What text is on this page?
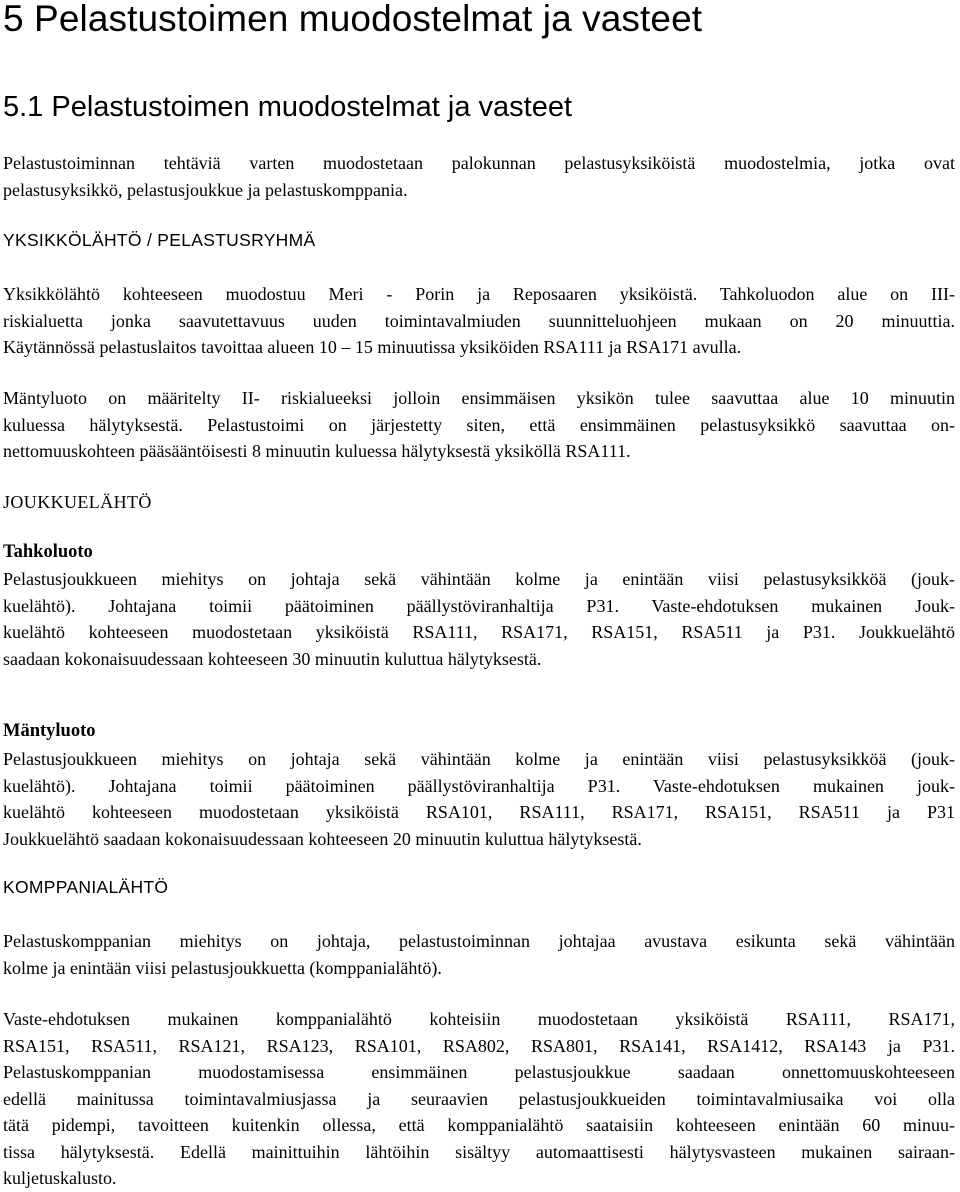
5 Pelastustoimen muodostelmat ja vasteet
5.1 Pelastustoimen muodostelmat ja vasteet
Pelastustoiminnan tehtäviä varten muodostetaan palokunnan pelastusyksiköistä muodostelmia, jotka ovat
pelastusyksikkö, pelastusjoukkue ja pelastuskomppania.
YKSIKKÖLÄHTÖ / PELASTUSRYHMÄ
Yksikkölähtö kohteeseen muodostuu Meri - Porin ja Reposaaren yksiköistä. Tahkoluodon alue on III-
riskialuetta jonka saavutettavuus uuden toimintavalmiuden suunnitteluohjeen mukaan on 20 minuuttia.
Käytännössä pelastuslaitos tavoittaa alueen 10 – 15 minuutissa yksiköiden RSA111 ja RSA171 avulla.
Mäntyluoto on määritelty II- riskialueeksi jolloin ensimmäisen yksikön tulee saavuttaa alue 10 minuutin
kuluessa hälytyksestä. Pelastustoimi on järjestetty siten, että ensimmäinen pelastusyksikkö saavuttaa on-
nettomuuskohteen pääsääntöisesti 8 minuutin kuluessa hälytyksestä yksiköllä RSA111.
JOUKKUELÄHTÖ
Tahkoluoto
Pelastusjoukkueen miehitys on johtaja sekä vähintään kolme ja enintään viisi pelastusyksikköä (jouk-
kuelähtö). Johtajana toimii päätoiminen päällystöviranhaltija P31. Vaste-ehdotuksen mukainen Jouk-
kuelähtö kohteeseen muodostetaan yksiköistä RSA111, RSA171, RSA151, RSA511 ja P31. Joukkuelähtö
saadaan kokonaisuudessaan kohteeseen 30 minuutin kuluttua hälytyksestä.
Mäntyluoto
Pelastusjoukkueen miehitys on johtaja sekä vähintään kolme ja enintään viisi pelastusyksikköä (jouk-
kuelähtö). Johtajana toimii päätoiminen päällystöviranhaltija P31. Vaste-ehdotuksen mukainen jouk-
kuelähtö kohteeseen muodostetaan yksiköistä RSA101, RSA111, RSA171, RSA151, RSA511 ja P31
Joukkuelähtö saadaan kokonaisuudessaan kohteeseen 20 minuutin kuluttua hälytyksestä.
KOMPPANIALÄHTÖ
Pelastuskomppanian miehitys on johtaja, pelastustoiminnan johtajaa avustava esikunta sekä vähintään
kolme ja enintään viisi pelastusjoukkuetta (komppanialähtö).
Vaste-ehdotuksen mukainen komppanialähtö kohteisiin muodostetaan yksiköistä RSA111, RSA171,
RSA151, RSA511, RSA121, RSA123, RSA101, RSA802, RSA801, RSA141, RSA1412, RSA143 ja P31.
Pelastuskomppanian muodostamisessa ensimmäinen pelastusjoukkue saadaan onnettomuuskohteeseen
edellä mainitussa toimintavalmiusjassa ja seuraavien pelastusjoukkueiden toimintavalmiusaika voi olla
tätä pidempi, tavoitteen kuitenkin ollessa, että komppanialähtö saataisiin kohteeseen enintään 60 minuu-
tissa hälytyksestä. Edellä mainittuihin lähtöihin sisältyy automaattisesti hälytysvasteen mukainen sairaan-
kuljetuskalusto.
